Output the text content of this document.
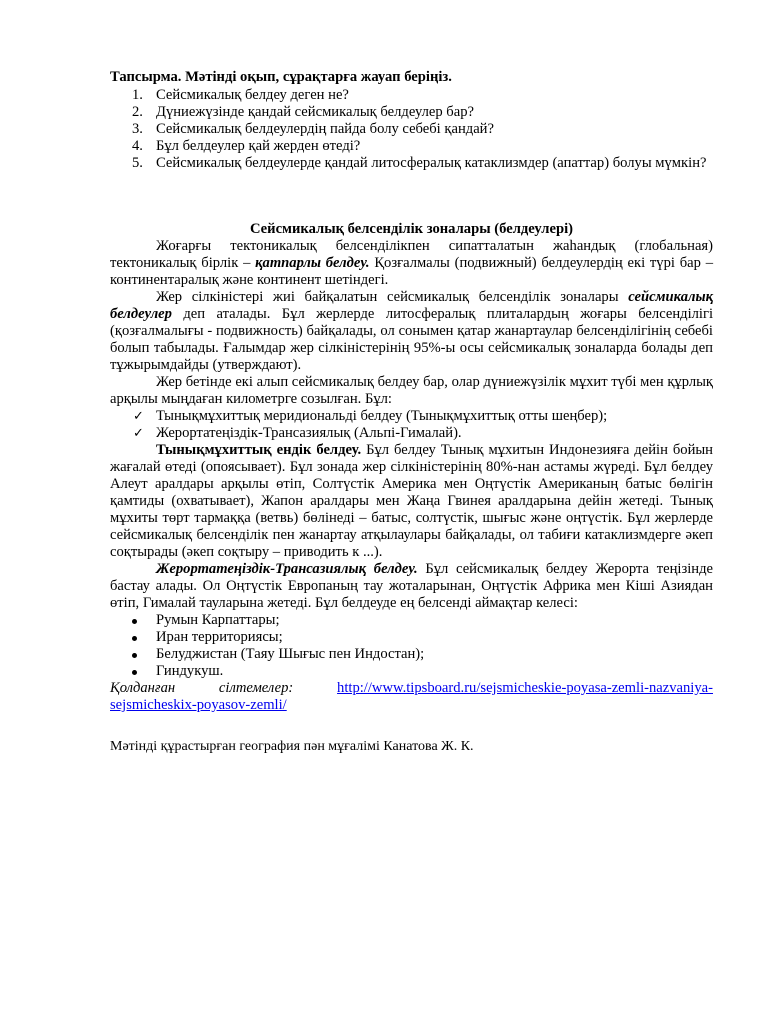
Тапсырма. Мәтінді оқып, сұрақтарға жауап беріңіз.
1. Сейсмикалық белдеу деген не?
2. Дүниежүзінде қандай сейсмикалық белдеулер бар?
3. Сейсмикалық белдеулердің пайда болу себебі қандай?
4. Бұл белдеулер қай жерден өтеді?
5. Сейсмикалық белдеулерде қандай литосфералық катаклизмдер (апаттар) болуы мүмкін?
Сейсмикалық белсенділік зоналары (белдеулері)

Жоғарғы тектоникалық белсенділікпен сипатталатын жаһандық (глобальная) тектоникалық бірлік – қатпарлы белдеу. Қозғалмалы (подвижный) белдеулердің екі түрі бар – континентаралық және континент шетіндегі.

Жер сілкіністері жиі байқалатын сейсмикалық белсенділік зоналары сейсмикалық белдеулер деп аталады. Бұл жерлерде литосфералық плиталардың жоғары белсенділігі (қозғалмалығы - подвижность) байқалады, ол сонымен қатар жанартаулар белсенділігінің себебі болып табылады. Ғалымдар жер сілкіністерінің 95%-ы осы сейсмикалық зоналарда болады деп тұжырымдайды (утверждают).

Жер бетінде екі алып сейсмикалық белдеу бар, олар дүниежүзілік мұхит түбі мен құрлық арқылы мыңдаған километрге созылған. Бұл:

✓ Тынықмұхиттық меридиональді белдеу (Тынықмұхиттық отты шеңбер);
✓ Жерортатеңіздік-Трансазиялық (Альпі-Гималай).

Тынықмұхиттық ендік белдеу. Бұл белдеу Тынық мұхитын Индонезияға дейін бойын жағалай өтеді (опоясывает). Бұл зонада жер сілкіністерінің 80%-нан астамы жүреді. Бұл белдеу Алеут аралдары арқылы өтіп, Солтүстік Америка мен Оңтүстік Американың батыс бөлігін қамтиды (охватывает), Жапон аралдары мен Жаңа Гвинея аралдарына дейін жетеді. Тынық мұхиты төрт тармаққа (ветвь) бөлінеді – батыс, солтүстік, шығыс және оңтүстік. Бұл жерлерде сейсмикалық белсенділік пен жанартау атқылаулары байқалады, ол табиғи катаклизмдерге әкеп соқтырады (әкеп соқтыру – приводить к ...).

Жерортатеңіздік-Трансазиялық белдеу. Бұл сейсмикалық белдеу Жерорта теңізінде бастау алады. Ол Оңтүстік Европаның тау жоталарынан, Оңтүстік Африка мен Кіші Азиядан өтіп, Гималай тауларына жетеді. Бұл белдеуде ең белсенді аймақтар келесі:

Румын Карпаттары;
Иран территориясы;
Белуджистан (Таяу Шығыс пен Индостан);
Гиндукуш.

Қолданған сілтемелер:	http://www.tipsboard.ru/sejsmicheskie-poyasa-zemli-nazvaniya-

sejsmicheskix-poyasov-zemli/

Мәтінді құрастырған география пән мұғалімі Канатова Ж. К.
